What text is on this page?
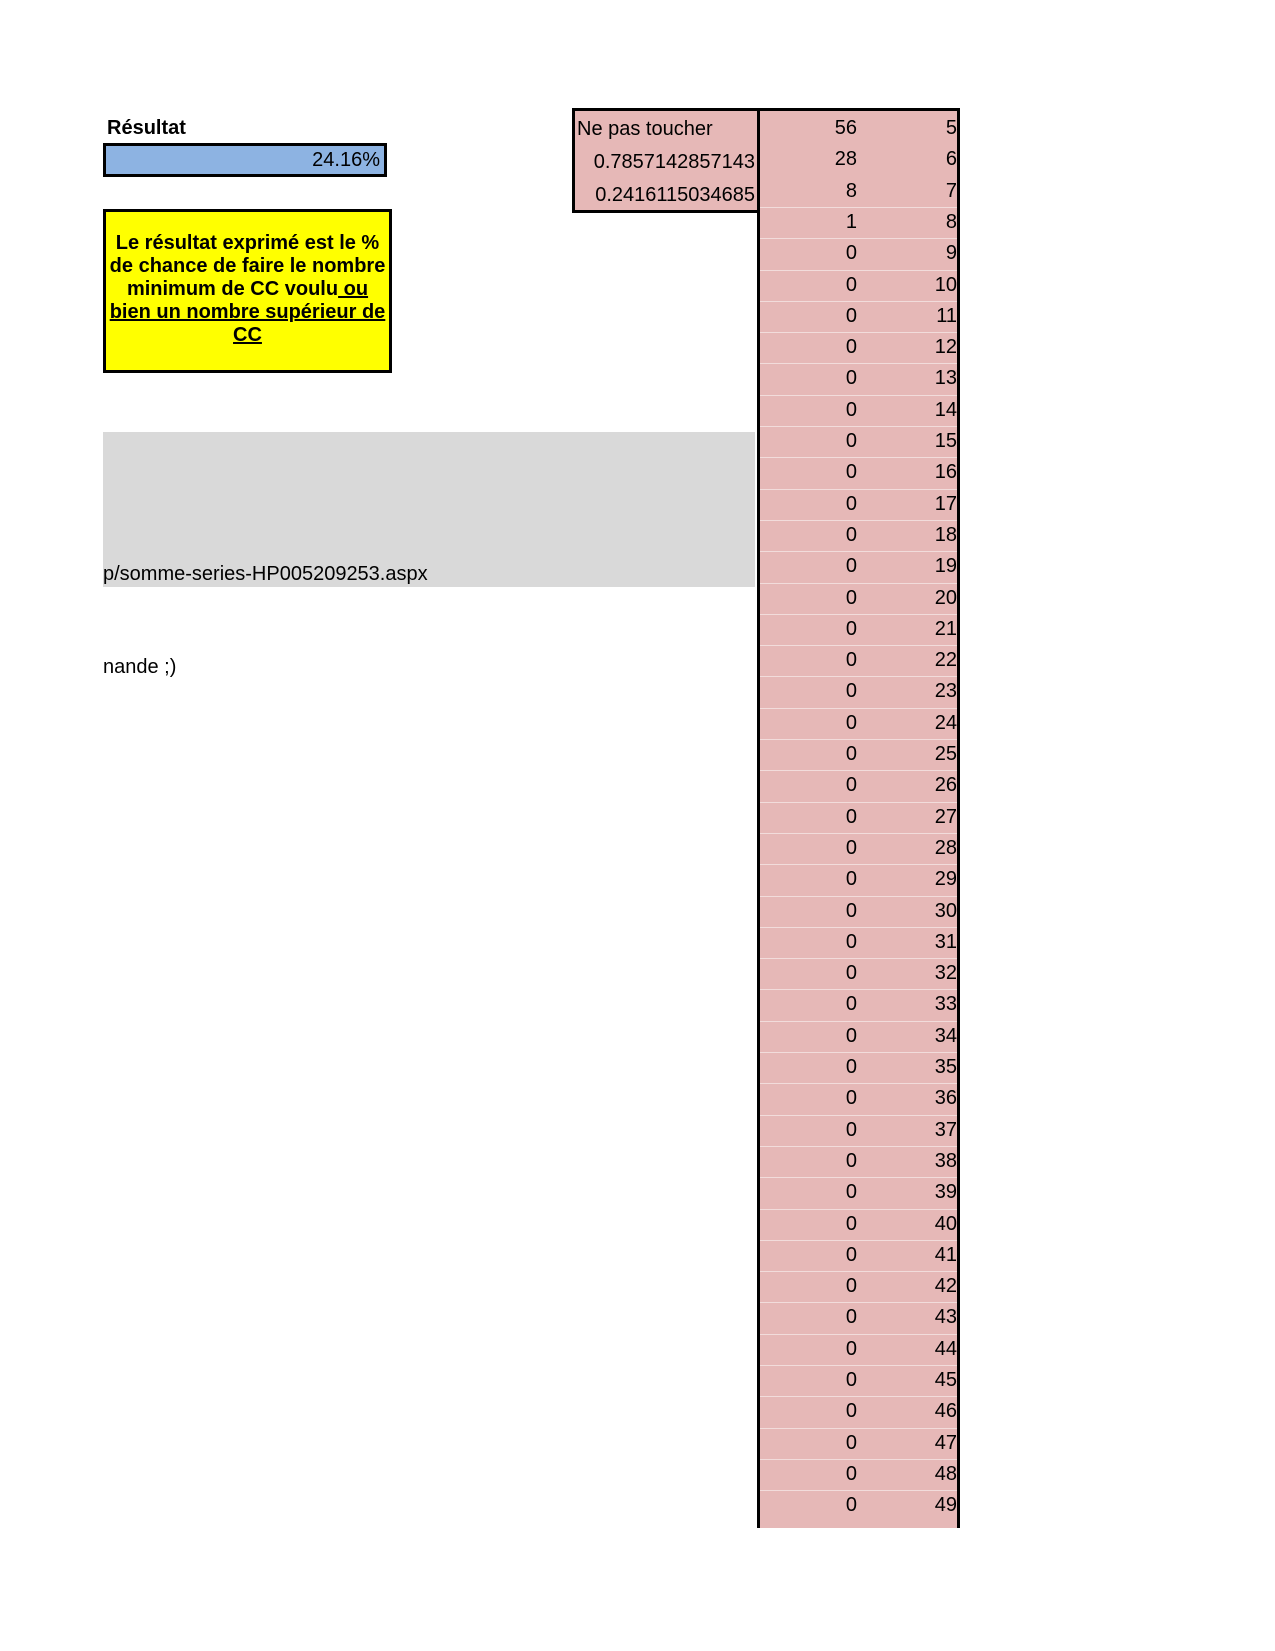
Résultat
24.16%
Le résultat exprimé est le %
de chance de faire le nombre
minimum de CC voulu ou
bien un nombre supérieur de
CC
p/somme-series-HP005209253.aspx
nande ;)
Ne pas toucher
0.7857142857143
0.2416115034685
56	5
28	6
8	7
1	8
0	9
0	10
0	11
0	12
0	13
0	14
0	15
0	16
0	17
0	18
0	19
0	20
0	21
0	22
0	23
0	24
0	25
0	26
0	27
0	28
0	29
0	30
0	31
0	32
0	33
0	34
0	35
0	36
0	37
0	38
0	39
0	40
0	41
0	42
0	43
0	44
0	45
0	46
0	47
0	48
0	49
